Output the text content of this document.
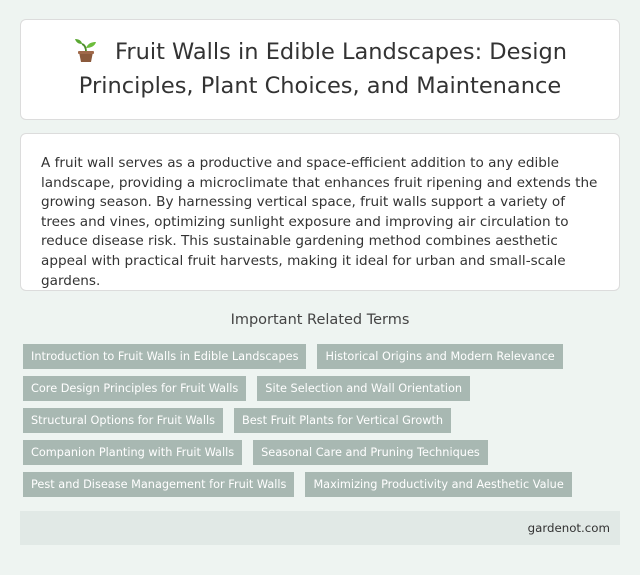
Fruit Walls in Edible Landscapes: Design Principles, Plant Choices, and Maintenance

A fruit wall serves as a productive and space-efficient addition to any edible landscape, providing a microclimate that enhances fruit ripening and extends the growing season. By harnessing vertical space, fruit walls support a variety of trees and vines, optimizing sunlight exposure and improving air circulation to reduce disease risk. This sustainable gardening method combines aesthetic appeal with practical fruit harvests, making it ideal for urban and small-scale gardens.

Important Related Terms
Introduction to Fruit Walls in Edible Landscapes	Historical Origins and Modern Relevance
Core Design Principles for Fruit Walls	Site Selection and Wall Orientation
Structural Options for Fruit Walls	Best Fruit Plants for Vertical Growth
Companion Planting with Fruit Walls	Seasonal Care and Pruning Techniques
Pest and Disease Management for Fruit Walls	Maximizing Productivity and Aesthetic Value
gardenot.com
